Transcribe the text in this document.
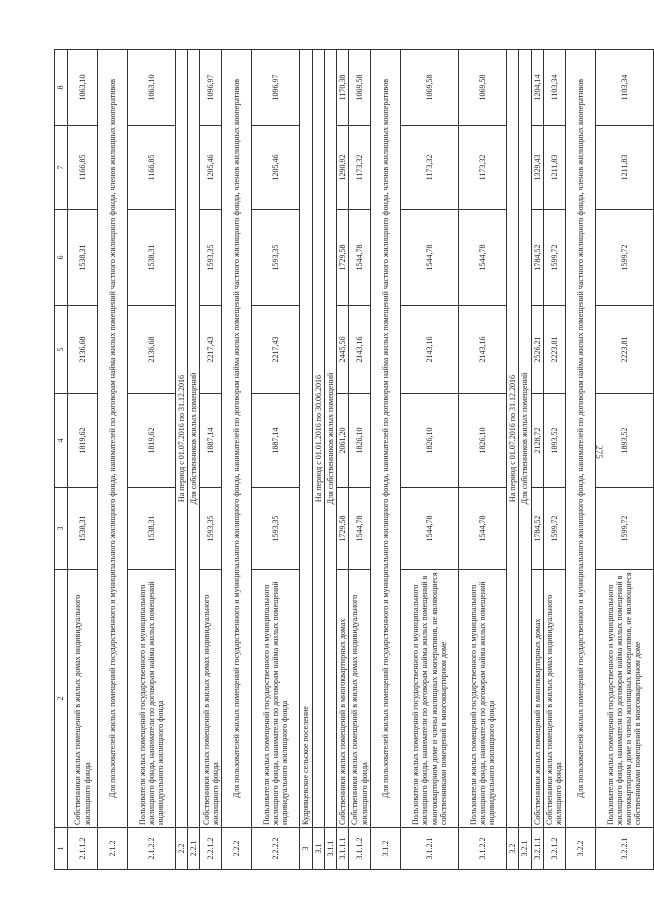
275
1	2	3	4	5	6	7	8
2.1.1.2	Собственники жилых помещений в жилых домах индивидуального жилищного фонда	1538,31	1819,62	2136,68	1538,31	1166,85	1063,10
2.1.2	Для пользователей жилых помещений государственного и муниципального жилищного фонда, нанимателей по договорам найма жилых помещений частного жилищного фонда, членов жилищных кооперативов						
2.1.2.2	Пользователи жилых помещений государственного и муниципального жилищного фонда, наниматели по договорам найма жилых помещений индивидуального жилищного фонда	1538,31	1819,62	2136,68	1538,31	1166,85	1063,10
2.2	На период с 01.07.2016 по 31.12.2016						
2.2.1	Для собственников жилых помещений						
2.2.1.2	Собственники жилых помещений в жилых домах индивидуального жилищного фонда	1593,35	1887,14	2217,43	1593,35	1205,46	1096,97
2.2.2	Для пользователей жилых помещений государственного и муниципального жилищного фонда, нанимателей по договорам найма жилых помещений частного жилищного фонда, членов жилищных кооперативов						
2.2.2.2	Пользователи жилых помещений государственного и муниципального жилищного фонда, наниматели по договорам найма жилых помещений индивидуального жилищного фонда	1593,35	1887,14	2217,43	1593,35	1205,46	1096,97
3	Кудрявцевское сельское поселение						
3.1	На период с 01.01.2016 по 30.06.2016						
3.1.1	Для собственников жилых помещений						
3.1.1.1	Собственники жилых помещений в многоквартирных домах	1729,58	2061,20	2445,56	1729,58	1290,92	1170,38
3.1.1.2	Собственники жилых помещений в жилых домах индивидуального жилищного фонда	1544,78	1826,10	2143,16	1544,78	1173,32	1069,58
3.1.2	Для пользователей жилых помещений государственного и муниципального жилищного фонда, нанимателей по договорам найма жилых помещений частного жилищного фонда, членов жилищных кооперативов						
3.1.2.1	Пользователи жилых помещений государственного и муниципального жилищного фонда, наниматели по договорам найма жилых помещений в многоквартирном доме и члены жилищных кооперативов, не являющиеся собственниками помещений в многоквартирном доме	1544,78	1826,10	2143,16	1544,78	1173,32	1069,58
3.1.2.2	Пользователи жилых помещений государственного и муниципального жилищного фонда, наниматели по договорам найма жилых помещений индивидуального жилищного фонда	1544,78	1826,10	2143,16	1544,78	1173,32	1069,58
3.2	На период с 01.07.2016 по 31.12.2016						
3.2.1	Для собственников жилых помещений						
3.2.1.1	Собственники жилых помещений в многоквартирных домах	1784,52	2128,72	2526,21	1784,52	1329,43	1204,14
3.2.1.2	Собственники жилых помещений в жилых домах индивидуального жилищного фонда	1599,72	1893,52	2223,81	1599,72	1211,83	1103,34
3.2.2	Для пользователей жилых помещений государственного и муниципального жилищного фонда, нанимателей по договорам найма жилых помещений частного жилищного фонда, членов жилищных кооперативов						
3.2.2.1	Пользователи жилых помещений государственного и муниципального жилищного фонда, наниматели по договорам найма жилых помещений в многоквартирном доме и члены жилищных кооперативов, не являющиеся собственниками помещений в многоквартирном доме	1599,72	1893,52	2223,81	1599,72	1211,83	1103,34
